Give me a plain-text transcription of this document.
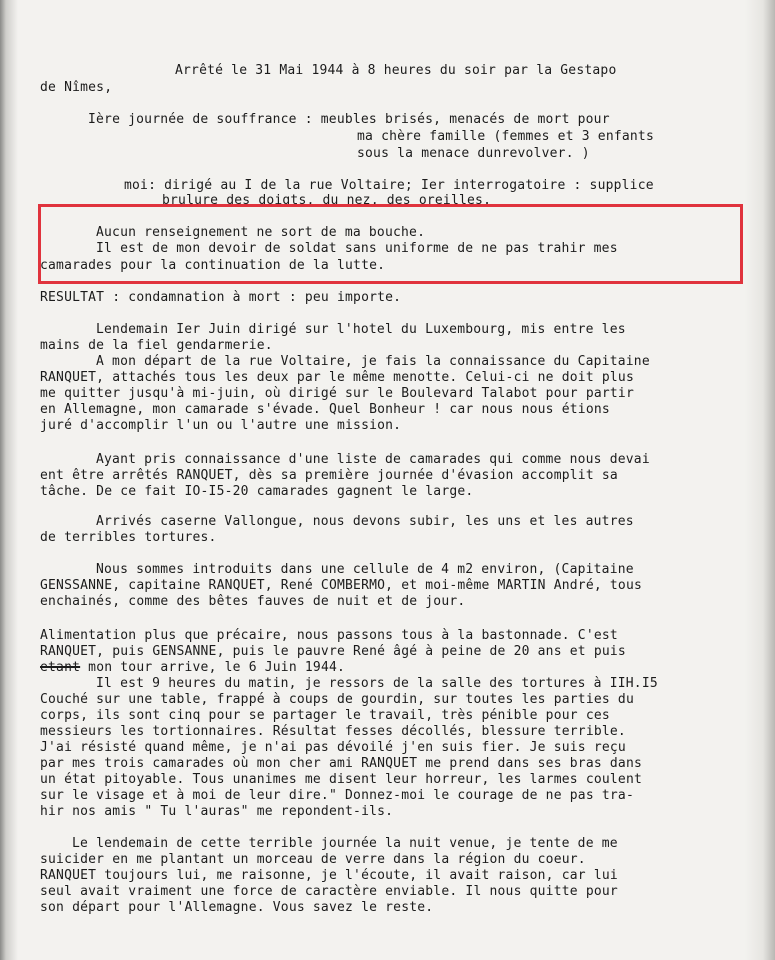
Arrêté le 31 Mai 1944 à 8 heures du soir par la Gestapo

de Nîmes,

Ière journée de souffrance : meubles brisés, menacés de mort pour

ma chère famille (femmes et 3 enfants

sous la menace dunrevolver. )

moi: dirigé au I de la rue Voltaire; Ier interrogatoire : supplice

brulure des doigts, du nez, des oreilles.

Aucun renseignement ne sort de ma bouche.

Il est de mon devoir de soldat sans uniforme de ne pas trahir mes

camarades pour la continuation de la lutte.

RESULTAT : condamnation à mort : peu importe.

Lendemain Ier Juin dirigé sur l'hotel du Luxembourg, mis entre les

mains de la fiel gendarmerie.

A mon départ de la rue Voltaire, je fais la connaissance du Capitaine

RANQUET, attachés tous les deux par le même menotte. Celui-ci ne doit plus

me quitter jusqu'à mi-juin, où dirigé sur le Boulevard Talabot pour partir

en Allemagne, mon camarade s'évade. Quel Bonheur ! car nous nous étions

juré d'accomplir l'un ou l'autre une mission.

Ayant pris connaissance d'une liste de camarades qui comme nous devai

ent être arrêtés RANQUET, dès sa première journée d'évasion accomplit sa

tâche. De ce fait IO-I5-20 camarades gagnent le large.

Arrivés caserne Vallongue, nous devons subir, les uns et les autres

de terribles tortures.

Nous sommes introduits dans une cellule de 4 m2 environ, (Capitaine

GENSSANNE, capitaine RANQUET, René COMBERMO, et moi-même MARTIN André, tous

enchainés, comme des bêtes fauves de nuit et de jour.

Alimentation plus que précaire, nous passons tous à la bastonnade. C'est

RANQUET, puis GENSANNE, puis le pauvre René âgé à peine de 20 ans et puis

etant mon tour arrive, le 6 Juin 1944.

Il est 9 heures du matin, je ressors de la salle des tortures à IIH.I5

Couché sur une table, frappé à coups de gourdin, sur toutes les parties du

corps, ils sont cinq pour se partager le travail, très pénible pour ces

messieurs les tortionnaires. Résultat fesses décollés, blessure terrible.

J'ai résisté quand même, je n'ai pas dévoilé j'en suis fier. Je suis reçu

par mes trois camarades où mon cher ami RANQUET me prend dans ses bras dans

un état pitoyable. Tous unanimes me disent leur horreur, les larmes coulent

sur le visage et à moi de leur dire." Donnez-moi le courage de ne pas tra-

hir nos amis " Tu l'auras" me repondent-ils.

Le lendemain de cette terrible journée la nuit venue, je tente de me

suicider en me plantant un morceau de verre dans la région du coeur.

RANQUET toujours lui, me raisonne, je l'écoute, il avait raison, car lui

seul avait vraiment une force de caractère enviable. Il nous quitte pour

son départ pour l'Allemagne. Vous savez le reste.
